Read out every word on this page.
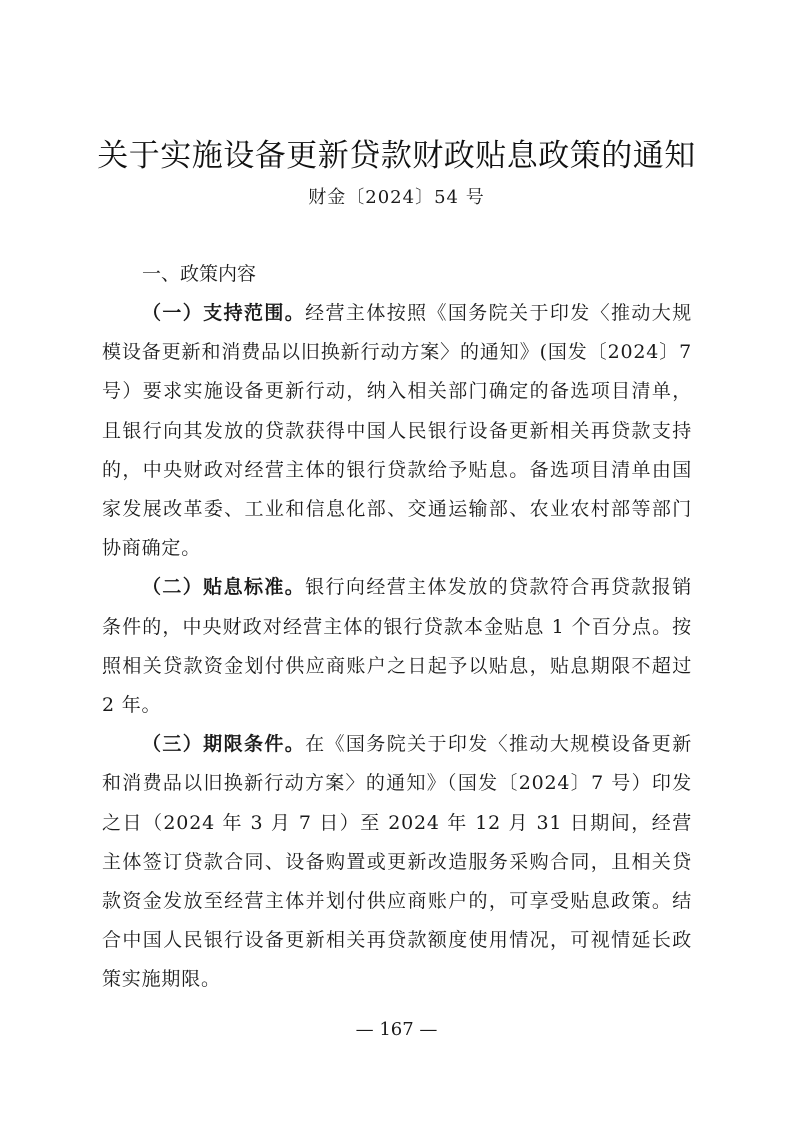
关于实施设备更新贷款财政贴息政策的通知
财金〔2024〕54 号
一、政策内容

（一）支持范围。经营主体按照《国务院关于印发〈推动大规模设备更新和消费品以旧换新行动方案〉的通知》(国发〔2024〕7 号）要求实施设备更新行动，纳入相关部门确定的备选项目清单，且银行向其发放的贷款获得中国人民银行设备更新相关再贷款支持的，中央财政对经营主体的银行贷款给予贴息。备选项目清单由国家发展改革委、工业和信息化部、交通运输部、农业农村部等部门协商确定。

（二）贴息标准。银行向经营主体发放的贷款符合再贷款报销条件的，中央财政对经营主体的银行贷款本金贴息 1 个百分点。按照相关贷款资金划付供应商账户之日起予以贴息，贴息期限不超过 2 年。

（三）期限条件。在《国务院关于印发〈推动大规模设备更新和消费品以旧换新行动方案〉的通知》（国发〔2024〕7 号）印发之日（2024 年 3 月 7 日）至 2024 年 12 月 31 日期间，经营主体签订贷款合同、设备购置或更新改造服务采购合同，且相关贷款资金发放至经营主体并划付供应商账户的，可享受贴息政策。结合中国人民银行设备更新相关再贷款额度使用情况，可视情延长政策实施期限。

— 167 —
